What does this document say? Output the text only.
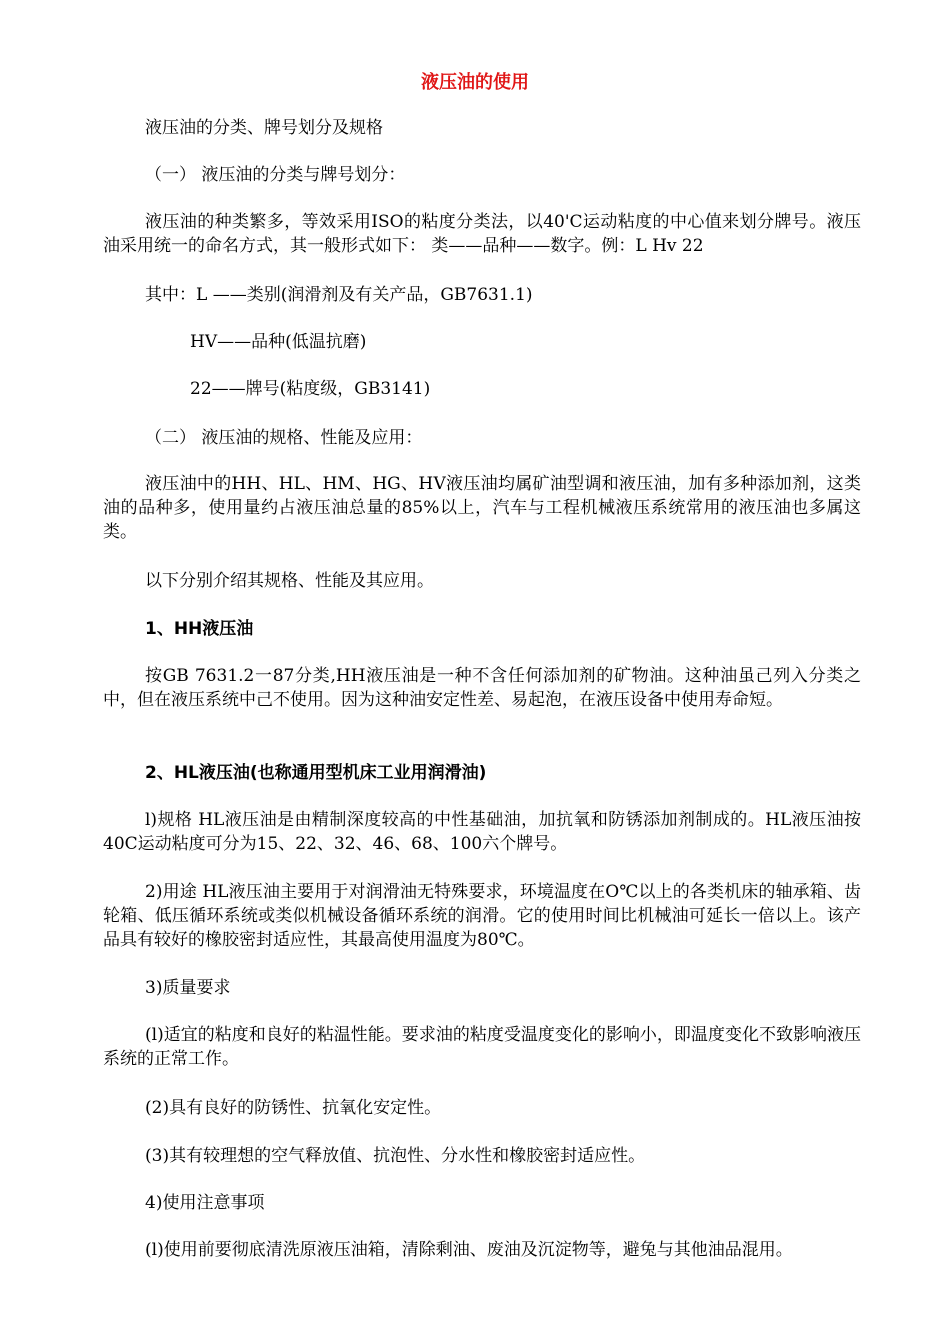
液压油的使用
液压油的分类、牌号划分及规格
（一） 液压油的分类与牌号划分：
液压油的种类繁多，等效采用ISO的粘度分类法，以40'C运动粘度的中心值来划分牌号。液压油采用统一的命名方式，其一般形式如下： 类——品种——数字。例：L Hv 22
其中：L ——类别(润滑剂及有关产品，GB7631.1)
HV——品种(低温抗磨)
22——牌号(粘度级，GB3141)
（二） 液压油的规格、性能及应用：
液压油中的HH、HL、HM、HG、HⅤ液压油均属矿油型调和液压油，加有多种添加剂，这类油的品种多，使用量约占液压油总量的85%以上，汽车与工程机械液压系统常用的液压油也多属这类。
以下分别介绍其规格、性能及其应用。
1、HH液压油
按GB 7631.2一87分类,HH液压油是一种不含任何添加剂的矿物油。这种油虽己列入分类之中，但在液压系统中己不使用。因为这种油安定性差、易起泡，在液压设备中使用寿命短。
2、HL液压油(也称通用型机床工业用润滑油)
l)规格 HL液压油是由精制深度较高的中性基础油，加抗氧和防锈添加剂制成的。HL液压油按40C运动粘度可分为15、22、32、46、68、100六个牌号。
2)用途 HL液压油主要用于对润滑油无特殊要求，环境温度在O℃以上的各类机床的轴承箱、齿轮箱、低压循环系统或类似机械设备循环系统的润滑。它的使用时间比机械油可延长一倍以上。该产品具有较好的橡胶密封适应性，其最高使用温度为80℃。
3)质量要求
(l)适宜的粘度和良好的粘温性能。要求油的粘度受温度变化的影响小，即温度变化不致影响液压系统的正常工作。
(2)具有良好的防锈性、抗氧化安定性。
(3)其有较理想的空气释放值、抗泡性、分水性和橡胶密封适应性。
4)使用注意事项
(l)使用前要彻底清洗原液压油箱，清除剩油、废油及沉淀物等，避兔与其他油品混用。
